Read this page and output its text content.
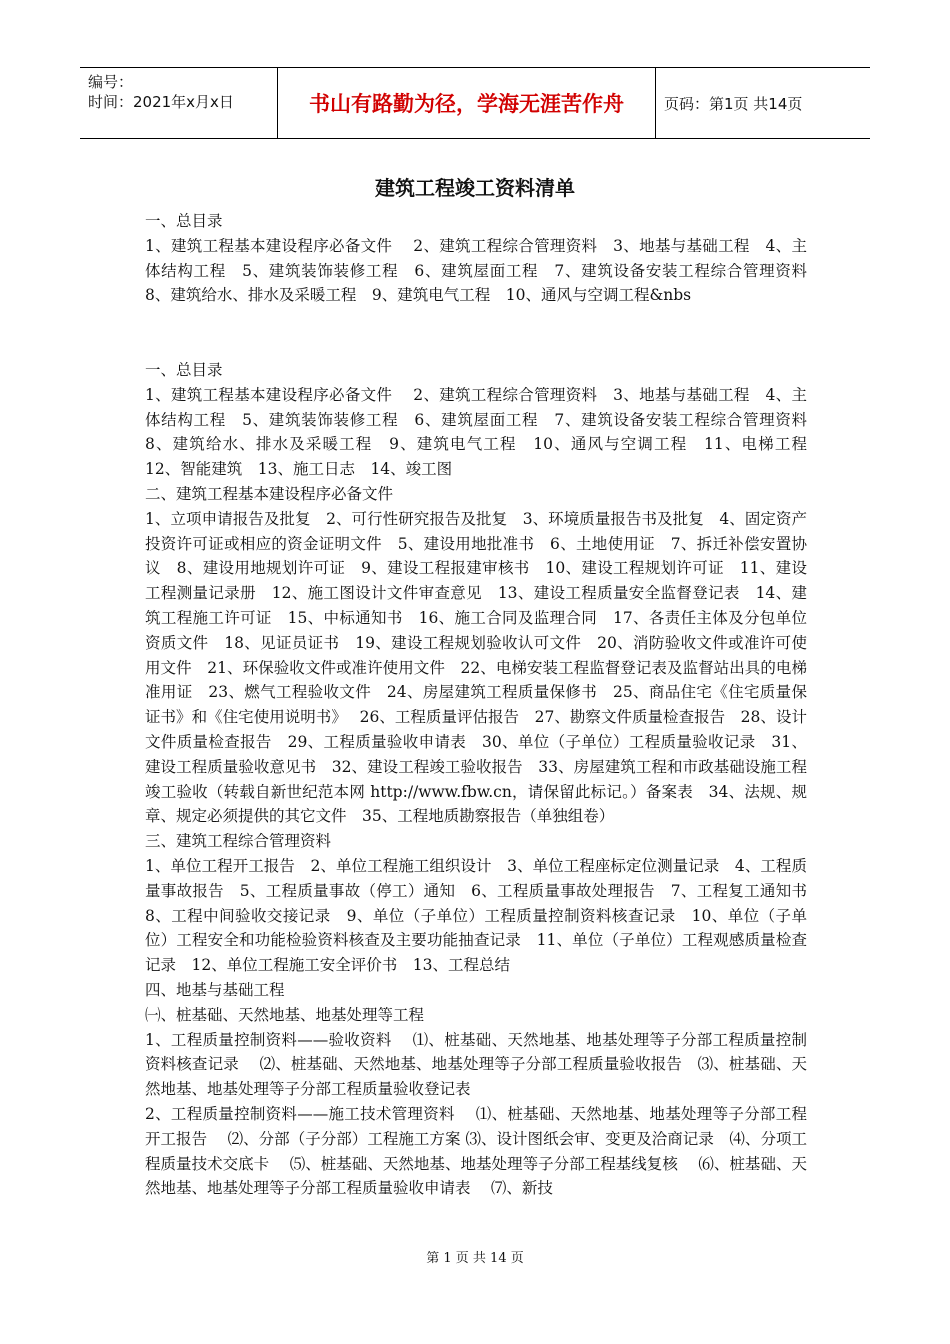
编号：
时间：2021年x月x日	书山有路勤为径，学海无涯苦作舟	页码：第1页 共14页
建筑工程竣工资料清单

一、总目录

1、建筑工程基本建设程序必备文件　 2、建筑工程综合管理资料　3、地基与基础工程　4、主体结构工程　5、建筑装饰装修工程　6、建筑屋面工程　7、建筑设备安装工程综合管理资料　8、建筑给水、排水及采暖工程　9、建筑电气工程　10、通风与空调工程&nbs

一、总目录

1、建筑工程基本建设程序必备文件　 2、建筑工程综合管理资料　3、地基与基础工程　4、主体结构工程　5、建筑装饰装修工程　6、建筑屋面工程　7、建筑设备安装工程综合管理资料　8、建筑给水、排水及采暖工程　9、建筑电气工程　10、通风与空调工程　11、电梯工程　12、智能建筑　13、施工日志　14、竣工图

二、建筑工程基本建设程序必备文件

1、立项申请报告及批复　2、可行性研究报告及批复　3、环境质量报告书及批复　4、固定资产投资许可证或相应的资金证明文件　5、建设用地批准书　6、土地使用证　7、拆迁补偿安置协议　8、建设用地规划许可证　9、建设工程报建审核书　10、建设工程规划许可证　11、建设工程测量记录册　12、施工图设计文件审查意见　13、建设工程质量安全监督登记表　14、建筑工程施工许可证　15、中标通知书　16、施工合同及监理合同　17、各责任主体及分包单位资质文件　18、见证员证书　19、建设工程规划验收认可文件　20、消防验收文件或准许可使用文件　21、环保验收文件或准许使用文件　22、电梯安装工程监督登记表及监督站出具的电梯准用证　23、燃气工程验收文件　24、房屋建筑工程质量保修书　25、商品住宅《住宅质量保证书》和《住宅使用说明书》　 26、工程质量评估报告　27、勘察文件质量检查报告　28、设计文件质量检查报告　29、工程质量验收申请表　30、单位（子单位）工程质量验收记录　31、建设工程质量验收意见书　32、建设工程竣工验收报告　33、房屋建筑工程和市政基础设施工程竣工验收（转载自新世纪范本网 http://www.fbw.cn，请保留此标记。）备案表　34、法规、规章、规定必须提供的其它文件　35、工程地质勘察报告（单独组卷）

三、建筑工程综合管理资料

1、单位工程开工报告　2、单位工程施工组织设计　3、单位工程座标定位测量记录　4、工程质量事故报告　5、工程质量事故（停工）通知　6、工程质量事故处理报告　7、工程复工通知书　8、工程中间验收交接记录　9、单位（子单位）工程质量控制资料核查记录　10、单位（子单位）工程安全和功能检验资料核查及主要功能抽查记录　11、单位（子单位）工程观感质量检查记录　12、单位工程施工安全评价书　13、工程总结

四、地基与基础工程

㈠、桩基础、天然地基、地基处理等工程

1、工程质量控制资料——验收资料　 ⑴、桩基础、天然地基、地基处理等子分部工程质量控制资料核查记录　 ⑵、桩基础、天然地基、地基处理等子分部工程质量验收报告　⑶、桩基础、天然地基、地基处理等子分部工程质量验收登记表

2、工程质量控制资料——施工技术管理资料　 ⑴、桩基础、天然地基、地基处理等子分部工程开工报告　 ⑵、分部（子分部）工程施工方案 ⑶、设计图纸会审、变更及洽商记录　⑷、分项工程质量技术交底卡　 ⑸、桩基础、天然地基、地基处理等子分部工程基线复核　 ⑹、桩基础、天然地基、地基处理等子分部工程质量验收申请表　 ⑺、新技

第 1 页 共 14 页
